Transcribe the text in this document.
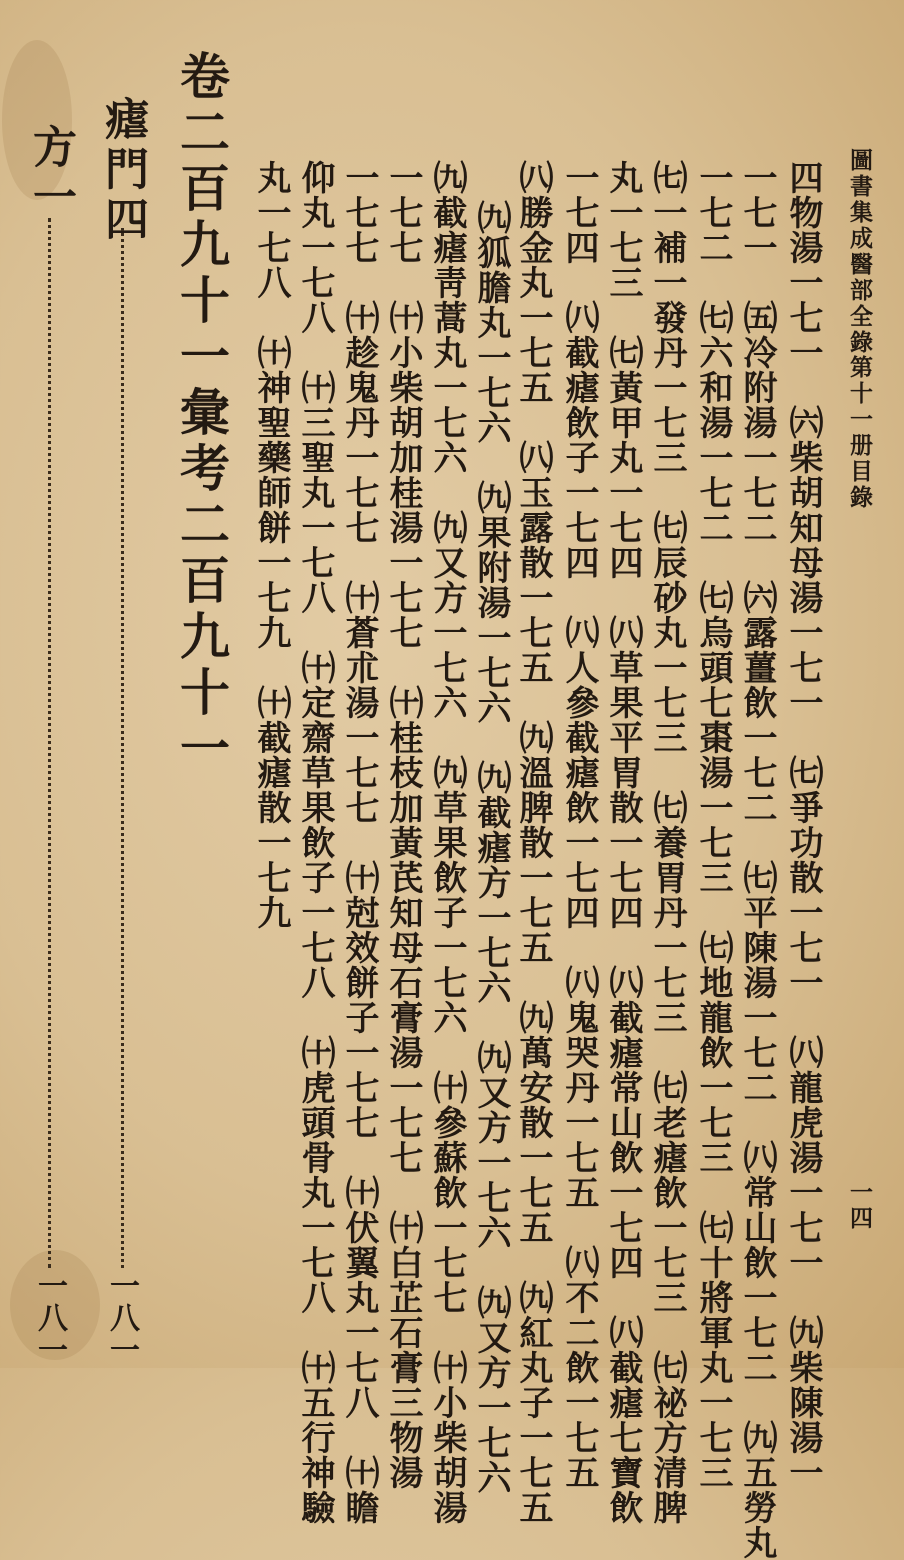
圖書集成醫部全錄
第十一册目錄
一四
四物湯一七一　㈥柴胡知母湯一七一　㈦爭功散一七一　㈧龍虎湯一七一　㈨柴陳湯一
一七一　㈤冷附湯一七二　㈥露薑飲一七二　㈦平陳湯一七二　㈧常山飲一七二　㈨五勞丸
一七二　㈦六和湯一七二　㈦烏頭七棗湯一七三　㈦地龍飲一七三　㈦十將軍丸一七三
㈦一補一發丹一七三　㈦辰砂丸一七三　㈦養胃丹一七三　㈦老瘧飲一七三　㈦祕方清脾
丸一七三　㈦黃甲丸一七四　㈧草果平胃散一七四　㈧截瘧常山飲一七四　㈧截瘧七寶飲
一七四　㈧截瘧飲子一七四　㈧人參截瘧飲一七四　㈧鬼哭丹一七五　㈧不二飲一七五
㈧勝金丸一七五　㈧玉露散一七五　㈨溫脾散一七五　㈨萬安散一七五　㈨紅丸子一七五
㈨狐膽丸一七六　㈨果附湯一七六　㈨截瘧方一七六　㈨又方一七六　㈨又方一七六
㈨截瘧靑蒿丸一七六　㈨又方一七六　㈨草果飲子一七六　㈩參蘇飲一七七　㈩小柴胡湯
一七七　㈩小柴胡加桂湯一七七　㈩桂枝加黃芪知母石膏湯一七七　㈩白芷石膏三物湯
一七七　㈩趁鬼丹一七七　㈩蒼朮湯一七七　㈩尅效餅子一七七　㈩伏翼丸一七八　㈩瞻
仰丸一七八　㈩三聖丸一七八　㈩定齋草果飲子一七八　㈩虎頭骨丸一七八　㈩五行神驗
丸一七八　㈩神聖藥師餅一七九　㈩截瘧散一七九
卷二百九十一彙考二百九十一
瘧門四
一八一
方一
一八一
